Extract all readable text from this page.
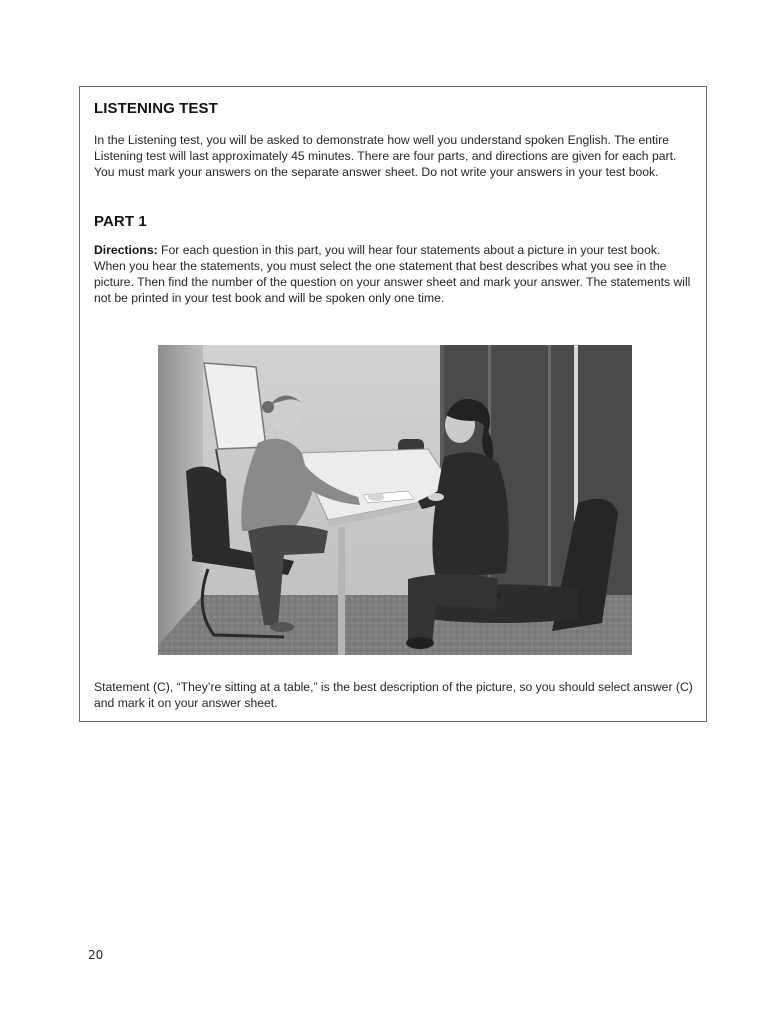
LISTENING TEST

In the Listening test, you will be asked to demonstrate how well you understand spoken English. The entire Listening test will last approximately 45 minutes. There are four parts, and directions are given for each part. You must mark your answers on the separate answer sheet. Do not write your answers in your test book.

PART 1

Directions: For each question in this part, you will hear four statements about a picture in your test book. When you hear the statements, you must select the one statement that best describes what you see in the picture. Then find the number of the question on your answer sheet and mark your answer. The statements will not be printed in your test book and will be spoken only one time.

Statement (C), “They’re sitting at a table,” is the best description of the picture, so you should select answer (C) and mark it on your answer sheet.

20
